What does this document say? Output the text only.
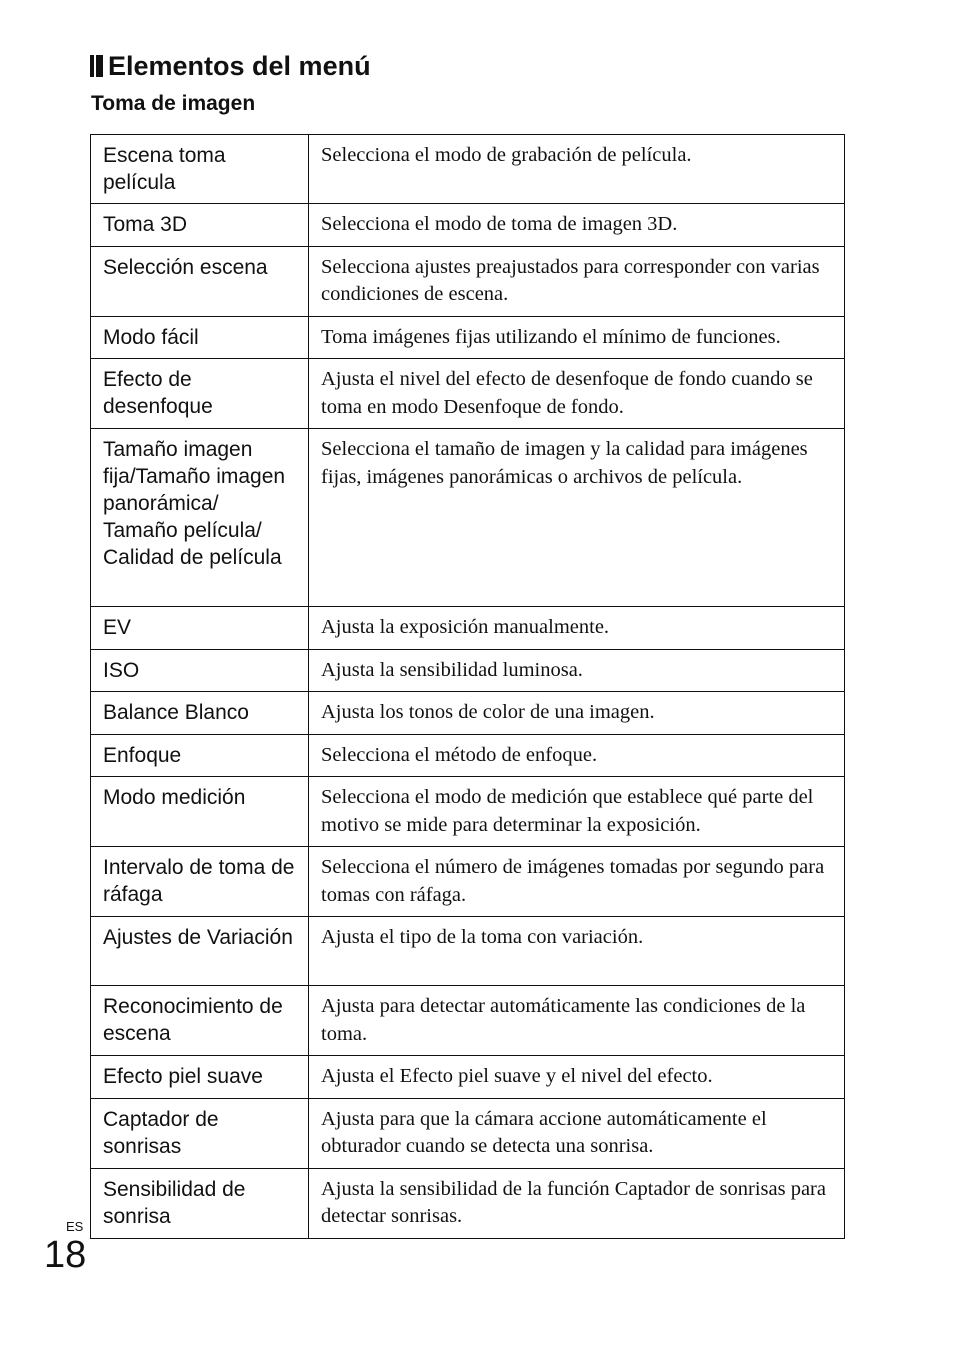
Elementos del menú
Toma de imagen
Escena toma película	Selecciona el modo de grabación de película.
Toma 3D	Selecciona el modo de toma de imagen 3D.
Selección escena	Selecciona ajustes preajustados para corresponder con varias condiciones de escena.
Modo fácil	Toma imágenes fijas utilizando el mínimo de funciones.
Efecto de desenfoque	Ajusta el nivel del efecto de desenfoque de fondo cuando se toma en modo Desenfoque de fondo.
Tamaño imagen fija/Tamaño imagen panorámica/ Tamaño película/ Calidad de película	Selecciona el tamaño de imagen y la calidad para imágenes fijas, imágenes panorámicas o archivos de película.
EV	Ajusta la exposición manualmente.
ISO	Ajusta la sensibilidad luminosa.
Balance Blanco	Ajusta los tonos de color de una imagen.
Enfoque	Selecciona el método de enfoque.
Modo medición	Selecciona el modo de medición que establece qué parte del motivo se mide para determinar la exposición.
Intervalo de toma de ráfaga	Selecciona el número de imágenes tomadas por segundo para tomas con ráfaga.
Ajustes de Variación	Ajusta el tipo de la toma con variación.
Reconocimiento de escena	Ajusta para detectar automáticamente las condiciones de la toma.
Efecto piel suave	Ajusta el Efecto piel suave y el nivel del efecto.
Captador de sonrisas	Ajusta para que la cámara accione automáticamente el obturador cuando se detecta una sonrisa.
Sensibilidad de sonrisa	Ajusta la sensibilidad de la función Captador de sonrisas para detectar sonrisas.
ES
18
